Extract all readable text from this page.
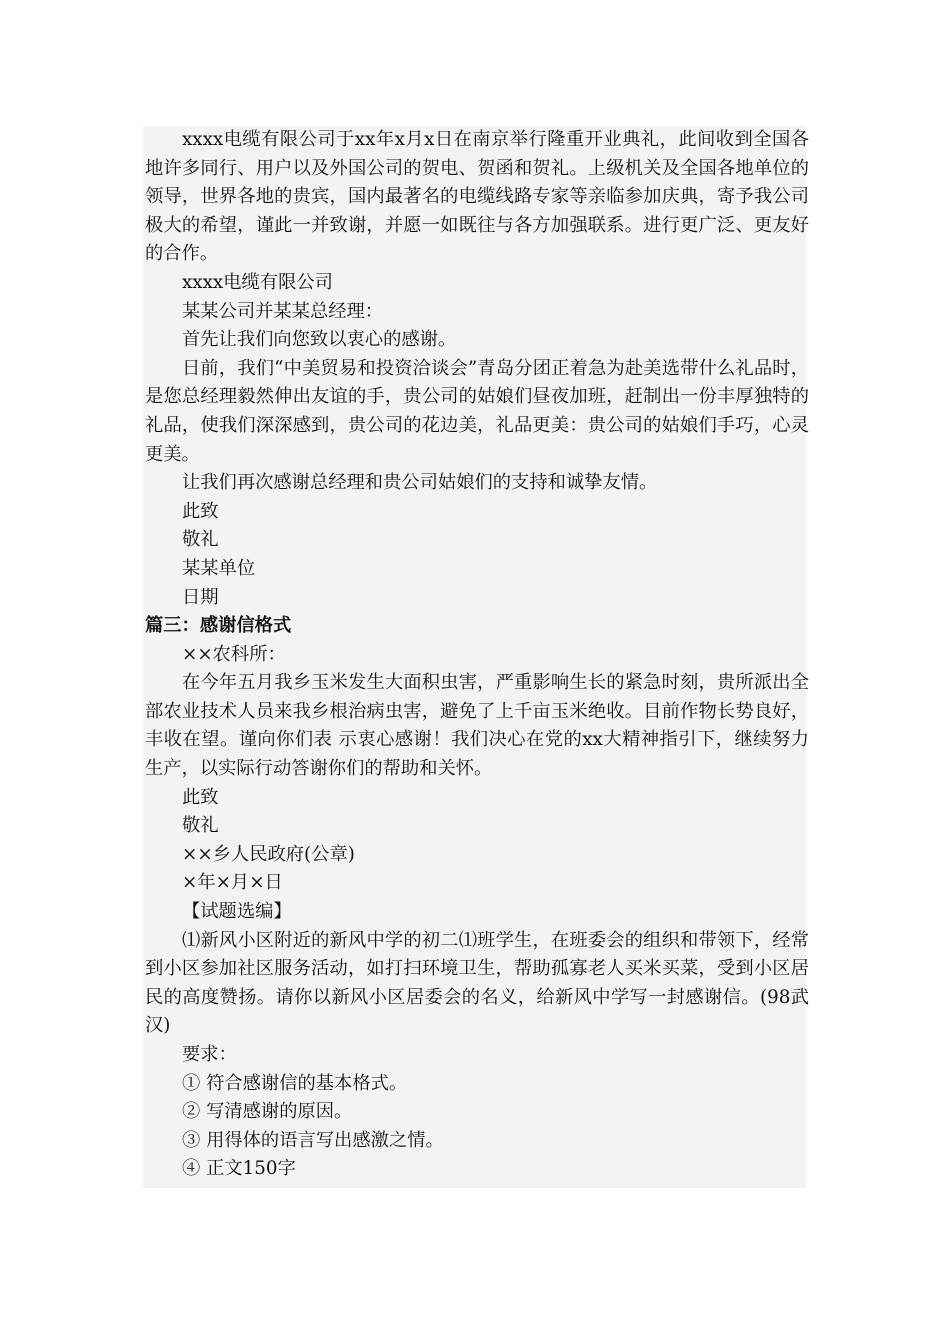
xxxx电缆有限公司于xx年x月x日在南京举行隆重开业典礼，此间收到全国各地许多同行、用户以及外国公司的贺电、贺函和贺礼。上级机关及全国各地单位的领导，世界各地的贵宾，国内最著名的电缆线路专家等亲临参加庆典，寄予我公司极大的希望，谨此一并致谢，并愿一如既往与各方加强联系。进行更广泛、更友好的合作。

xxxx电缆有限公司

某某公司并某某总经理：

首先让我们向您致以衷心的感谢。

日前，我们“中美贸易和投资洽谈会”青岛分团正着急为赴美选带什么礼品时，是您总经理毅然伸出友谊的手，贵公司的姑娘们昼夜加班，赶制出一份丰厚独特的礼品，使我们深深感到，贵公司的花边美，礼品更美：贵公司的姑娘们手巧，心灵更美。

让我们再次感谢总经理和贵公司姑娘们的支持和诚挚友情。

此致

敬礼

某某单位

日期

篇三：感谢信格式

××农科所：

在今年五月我乡玉米发生大面积虫害，严重影响生长的紧急时刻，贵所派出全部农业技术人员来我乡根治病虫害，避免了上千亩玉米绝收。目前作物长势良好，丰收在望。谨向你们表 示衷心感谢！我们决心在党的xx大精神指引下，继续努力生产，以实际行动答谢你们的帮助和关怀。

此致

敬礼

××乡人民政府(公章)

×年×月×日

【试题选编】

⑴新风小区附近的新风中学的初二⑴班学生，在班委会的组织和带领下，经常到小区参加社区服务活动，如打扫环境卫生，帮助孤寡老人买米买菜，受到小区居民的高度赞扬。请你以新风小区居委会的名义，给新风中学写一封感谢信。(98武汉)

要求：

① 符合感谢信的基本格式。

② 写清感谢的原因。

③ 用得体的语言写出感激之情。

④ 正文150字
